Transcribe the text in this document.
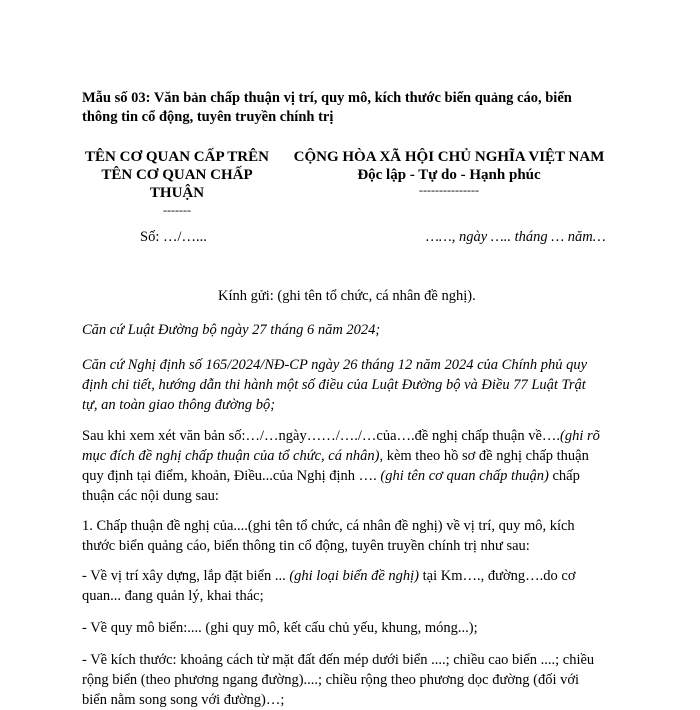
Mẫu số 03: Văn bản chấp thuận vị trí, quy mô, kích thước biển quảng cáo, biển
thông tin cổ động, tuyên truyền chính trị
TÊN CƠ QUAN CẤP TRÊN
TÊN CƠ QUAN CHẤP
THUẬN
-------
Số: …/…...
CỘNG HÒA XÃ HỘI CHỦ NGHĨA VIỆT NAM
Độc lập - Tự do - Hạnh phúc
---------------
……, ngày ….. tháng … năm…
Kính gửi: (ghi tên tổ chức, cá nhân đề nghị).
Căn cứ Luật Đường bộ ngày 27 tháng 6 năm 2024;
Căn cứ Nghị định số 165/2024/NĐ-CP ngày 26 tháng 12 năm 2024 của Chính phủ quy
định chi tiết, hướng dẫn thi hành một số điều của Luật Đường bộ và Điều 77 Luật Trật
tự, an toàn giao thông đường bộ;
Sau khi xem xét văn bản số:…/…ngày……/…./…của….đề nghị chấp thuận về….(ghi rõ
mục đích đề nghị chấp thuận của tổ chức, cá nhân), kèm theo hồ sơ đề nghị chấp thuận
quy định tại điểm, khoản, Điều...của Nghị định …. (ghi tên cơ quan chấp thuận) chấp
thuận các nội dung sau:
1. Chấp thuận đề nghị của....(ghi tên tổ chức, cá nhân đề nghị) về vị trí, quy mô, kích
thước biển quảng cáo, biển thông tin cổ động, tuyên truyền chính trị như sau:
- Về vị trí xây dựng, lắp đặt biển ... (ghi loại biển đề nghị) tại Km…., đường….do cơ
quan... đang quản lý, khai thác;
- Về quy mô biển:.... (ghi quy mô, kết cấu chủ yếu, khung, móng...);
- Về kích thước: khoảng cách từ mặt đất đến mép dưới biển ....; chiều cao biển ....; chiều
rộng biển (theo phương ngang đường)....; chiều rộng theo phương dọc đường (đối với
biển nằm song song với đường)…;
